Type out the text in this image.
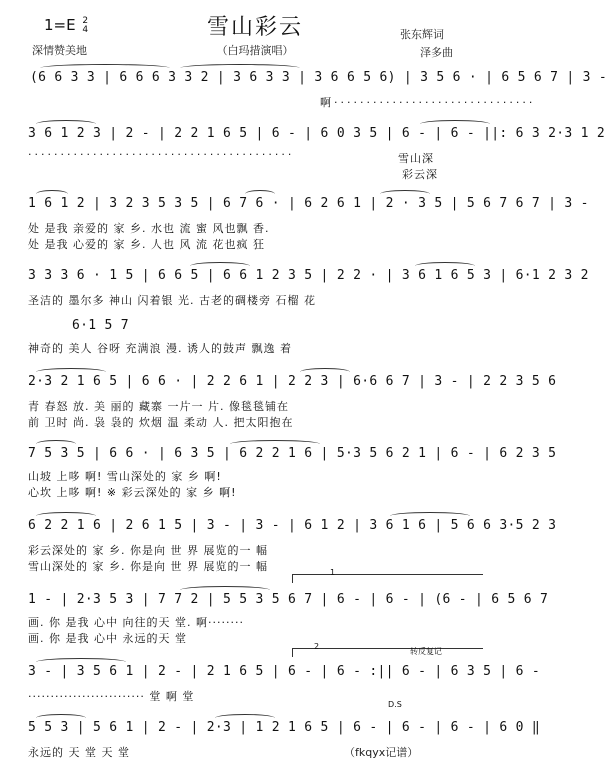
雪山彩云
1=E 2
4
深情赞美地	（白玛措演唱）
张东辉词
泽多曲
(6 6 3 3 | 6 6 6 3 3 2 | 3 6 3 3 | 3 6 6 5 6) | 3 5 6 · | 6 5 6 7 | 3 -
啊·······························
3 6 1 2 3 | 2 - | 2 2 1 6 5 | 6 - | 6 0 3 5 | 6 - | 6 - ||: 6 3 2·3 1 2
·········································	雪山深
彩云深
1 6 1 2 | 3 2 3 5 3 5 | 6 7 6 · | 6 2 6 1 | 2 · 3 5 | 5 6 7 6 7 | 3 -
处 是我 亲爱的 家 乡. 水也 流 蜜 风也飘 香.
处 是我 心爱的 家 乡. 人也 风 流 花也疯 狂
3 3 3 6 · 1 5 | 6 6 5 | 6 6 1 2 3 5 | 2 2 · | 3 6 1 6 5 3 | 6·1 2 3 2
圣洁的 墨尔多 神山 闪着银 光. 古老的碉楼旁 石榴 花
6·1 5 7
神奇的 美人 谷呀 充满浪 漫. 诱人的鼓声 飘逸 着
2·3 2 1 6 5 | 6 6 · | 2 2 6 1 | 2 2 3 | 6·6 6 7 | 3 - | 2 2 3 5 6
青 春怒 放. 美 丽的 藏寨 一片一 片. 像毯毯铺在
前 卫时 尚. 袅 袅的 炊烟 温 柔动 人. 把太阳抱在
7 5 3 5 | 6 6 · | 6 3 5 | 6 2 2 1 6 | 5·3 5 6 2 1 | 6 - | 6 2 3 5
山坡 上哆 啊! 雪山深处的 家 乡 啊!
心坎 上哆 啊! ※ 彩云深处的 家 乡 啊!
6 2 2 1 6 | 2 6 1 5 | 3 - | 3 - | 6 1 2 | 3 6 1 6 | 5 6 6 3·5 2 3
彩云深处的 家 乡. 你是向 世 界 展览的一 幅
雪山深处的 家 乡. 你是向 世 界 展览的一 幅	1
1 - | 2·3 5 3 | 7 7 2 | 5 5 3 5 6 7 | 6 - | 6 - | (6 - | 6 5 6 7
画. 你 是我 心中 向往的天 堂. 啊········
画. 你 是我 心中 永远的天 堂
2
转反复记
3 - | 3 5 6 1 | 2 - | 2 1 6 5 | 6 - | 6 - :|| 6 - | 6 3 5 | 6 -
·························· 堂 啊 堂
D.S
5 5 3 | 5 6 1 | 2 - | 2·3 | 1 2 1 6 5 | 6 - | 6 - | 6 - | 6 0 ‖
永远的 天 堂 天 堂	（fkqyx记谱）
